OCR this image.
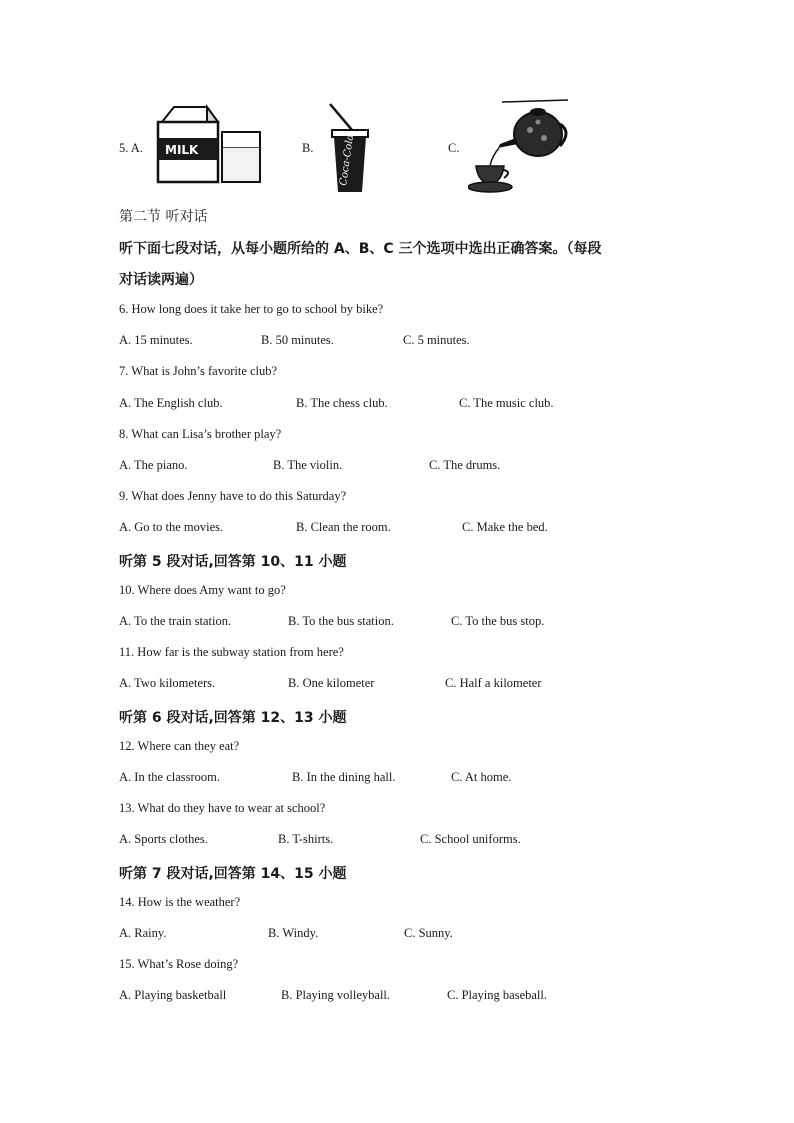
5. A. MILK	B. Coca-Cola	C.
第二节 听对话
听下面七段对话，从每小题所给的 A、B、C 三个选项中选出正确答案。（每段
对话读两遍）
6. How long does it take her to go to school by bike?
A. 15 minutes.	B. 50 minutes.	C. 5 minutes.
7. What is John’s favorite club?
A. The English club.	B. The chess club.	C. The music club.
8. What can Lisa’s brother play?
A. The piano.	B. The violin.	C. The drums.
9. What does Jenny have to do this Saturday?
A. Go to the movies.	B. Clean the room.	C. Make the bed.
听第 5 段对话,回答第 10、11 小题
10. Where does Amy want to go?
A. To the train station.	B. To the bus station.	C. To the bus stop.
11. How far is the subway station from here?
A. Two kilometers.	B. One kilometer	C. Half a kilometer
听第 6 段对话,回答第 12、13 小题
12. Where can they eat?
A. In the classroom.	B. In the dining hall.	C. At home.
13. What do they have to wear at school?
A. Sports clothes.	B. T-shirts.	C. School uniforms.
听第 7 段对话,回答第 14、15 小题
14. How is the weather?
A. Rainy.	B. Windy.	C. Sunny.
15. What’s Rose doing?
A. Playing basketball	B. Playing volleyball.	C. Playing baseball.
